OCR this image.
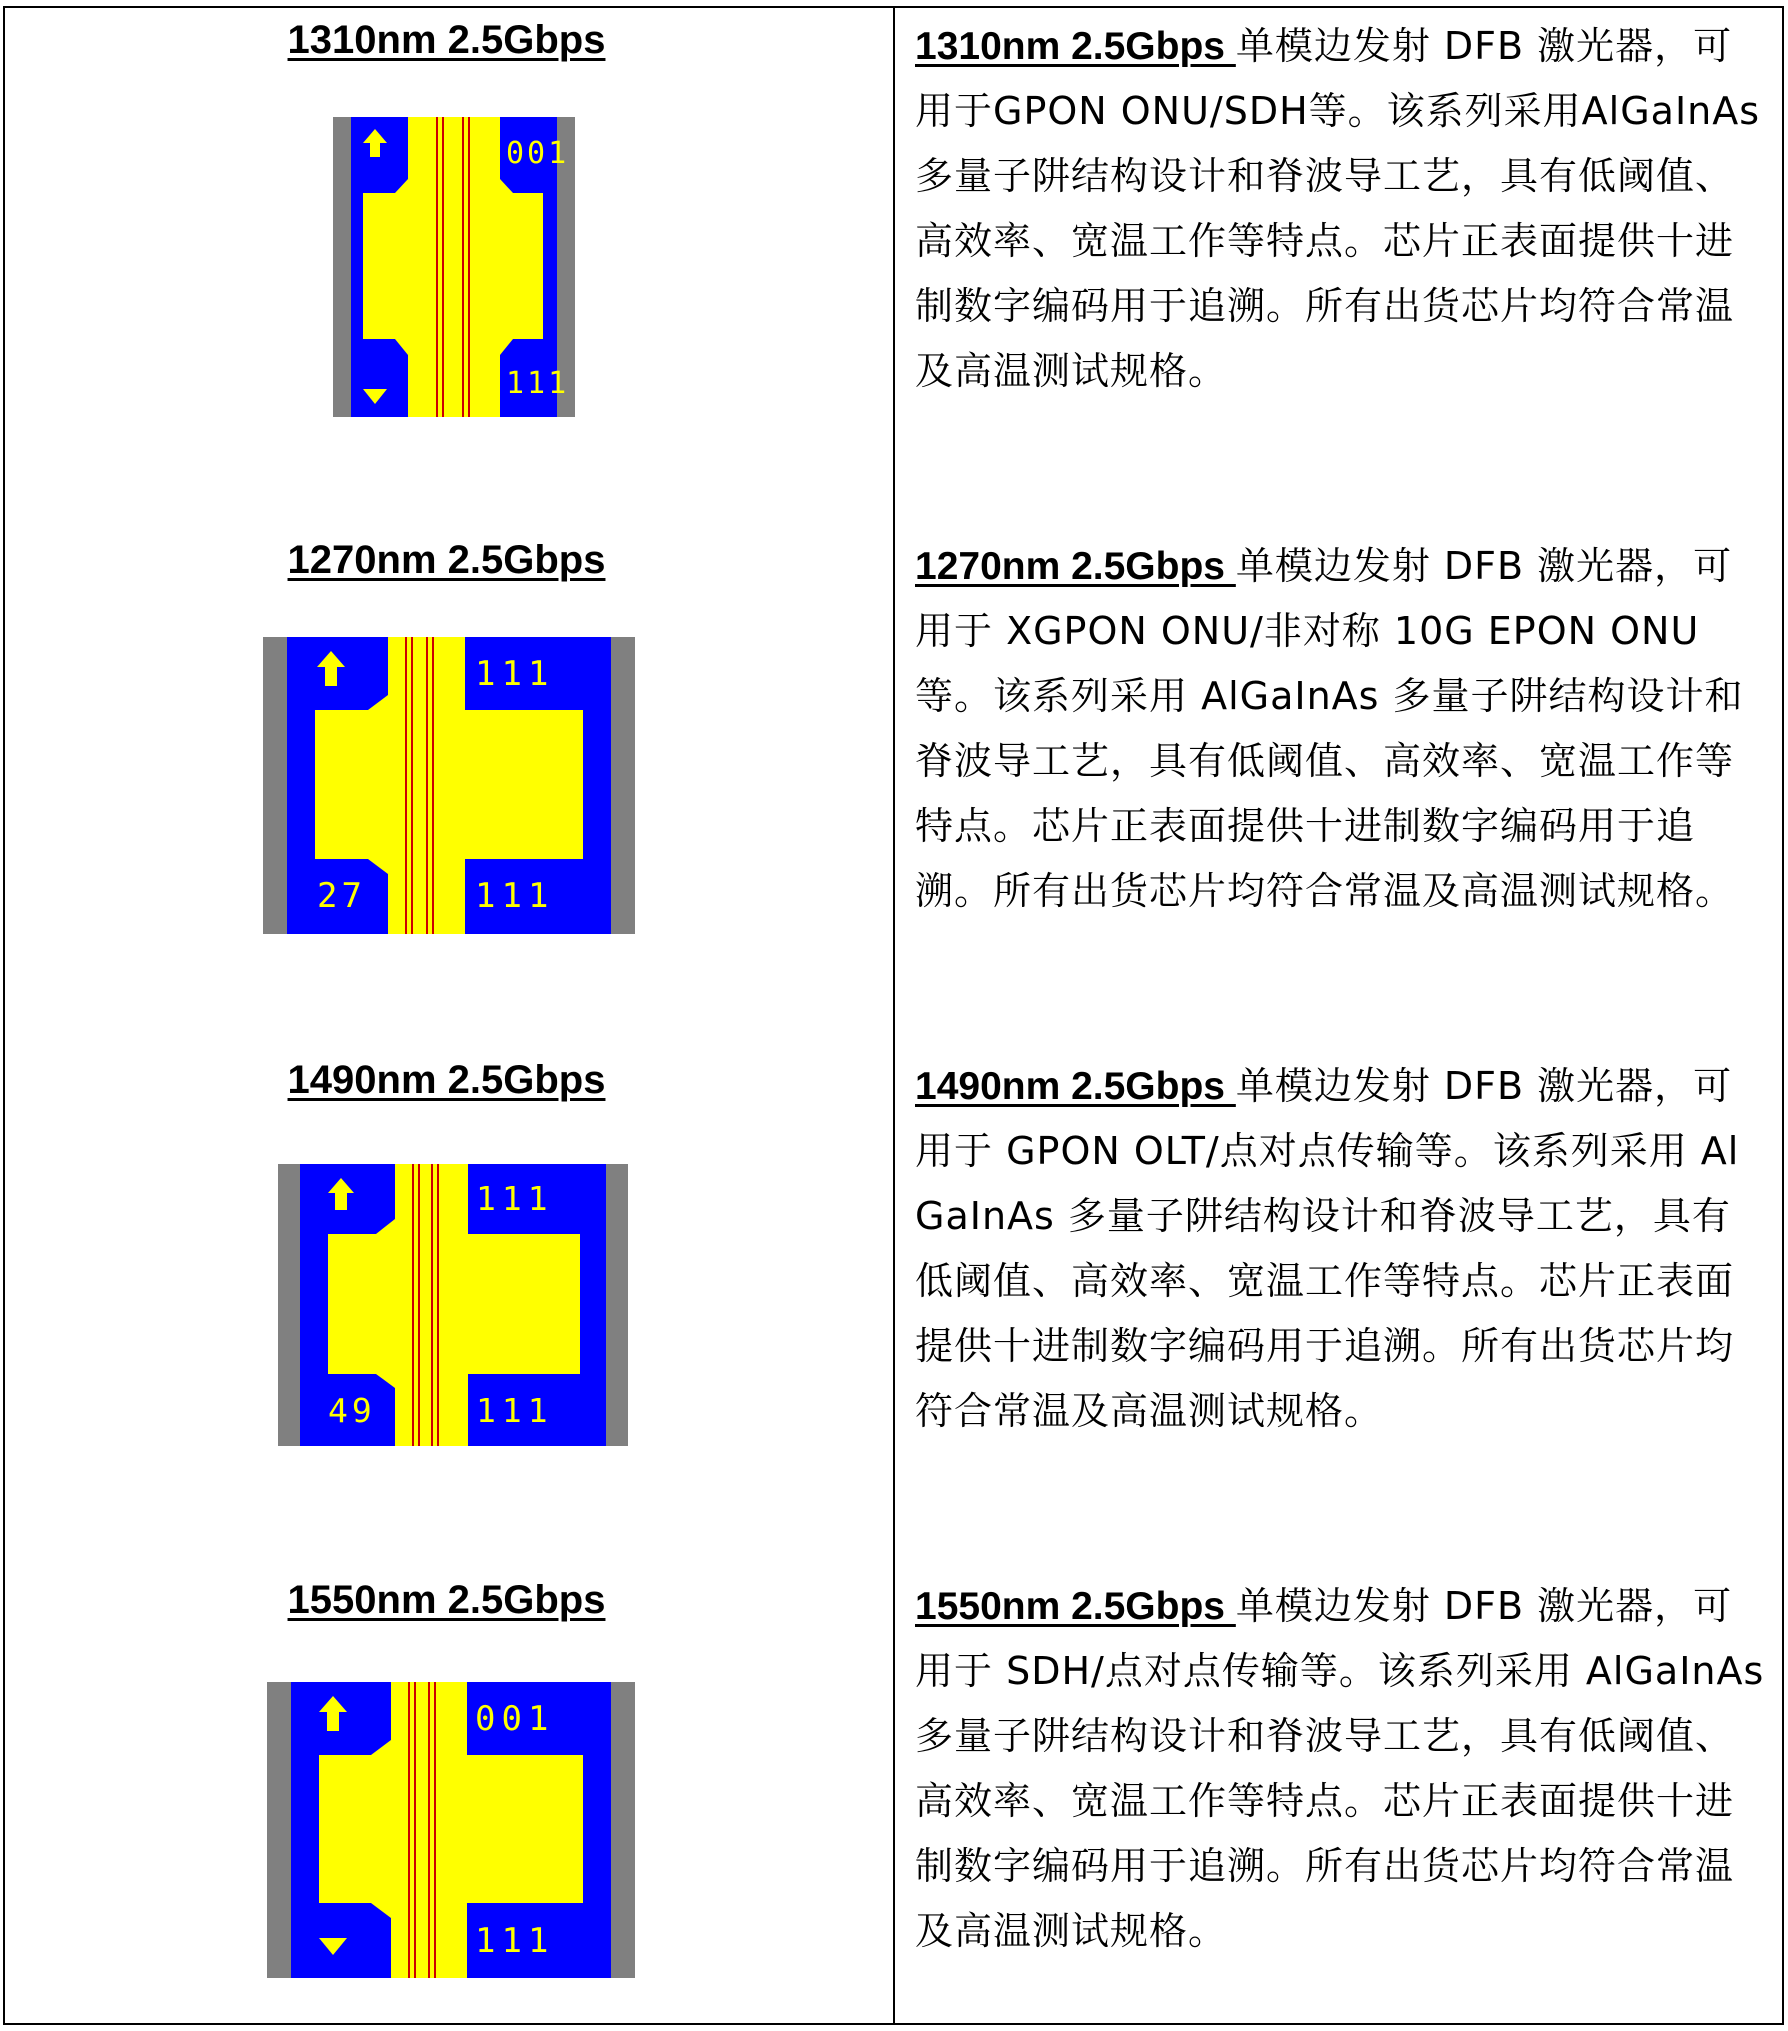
1310nm 2.5Gbps
001
111

1310nm 2.5Gbps 单模边发射 DFB 激光器，可用于GPON ONU/SDH等。该系列采用AlGaInAs多量子阱结构设计和脊波导工艺，具有低阈值、高效率、宽温工作等特点。芯片正表面提供十进制数字编码用于追溯。所有出货芯片均符合常温及高温测试规格。

1270nm 2.5Gbps
111
111
27

1270nm 2.5Gbps 单模边发射 DFB 激光器，可用于 XGPON ONU/非对称 10G EPON ONU 等。该系列采用 AlGaInAs 多量子阱结构设计和脊波导工艺，具有低阈值、高效率、宽温工作等特点。芯片正表面提供十进制数字编码用于追溯。所有出货芯片均符合常温及高温测试规格。

1490nm 2.5Gbps
111
111
49

1490nm 2.5Gbps 单模边发射 DFB 激光器，可用于 GPON OLT/点对点传输等。该系列采用 AlGaInAs 多量子阱结构设计和脊波导工艺，具有低阈值、高效率、宽温工作等特点。芯片正表面提供十进制数字编码用于追溯。所有出货芯片均符合常温及高温测试规格。

1550nm 2.5Gbps
001
111

1550nm 2.5Gbps 单模边发射 DFB 激光器，可用于 SDH/点对点传输等。该系列采用 AlGaInAs 多量子阱结构设计和脊波导工艺，具有低阈值、高效率、宽温工作等特点。芯片正表面提供十进制数字编码用于追溯。所有出货芯片均符合常温及高温测试规格。
